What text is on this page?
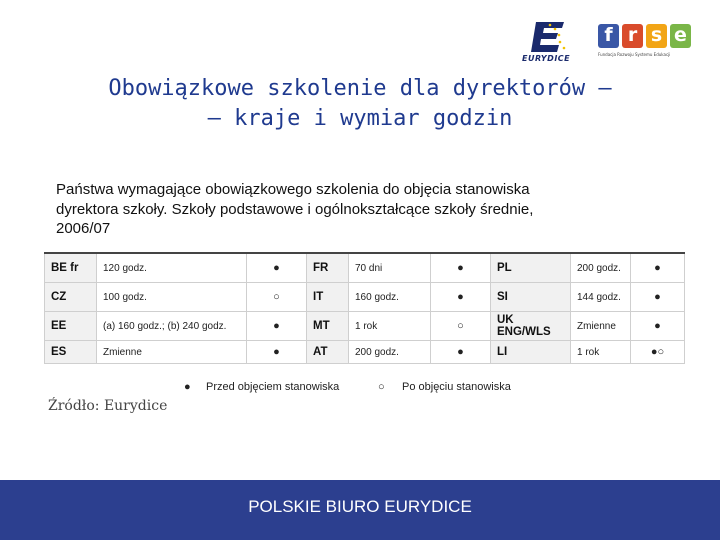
EURYDICE
f r s e
Fundacja Rozwoju Systemu Edukacji
Obowiązkowe szkolenie dla dyrektorów –
– kraje i wymiar godzin
Państwa wymagające obowiązkowego szkolenia do objęcia stanowiska
dyrektora szkoły. Szkoły podstawowe i ogólnokształcące szkoły średnie,
2006/07
BE fr	120 godz.	●	FR	70 dni	●	PL	200 godz.	●
CZ	100 godz.	○	IT	160 godz.	●	SI	144 godz.	●
EE	(a) 160 godz.; (b) 240 godz.	●	MT	1 rok	○	UK ENG/WLS	Zmienne	●
ES	Zmienne	●	AT	200 godz.	●	LI	1 rok	●○
● Przed objęciem stanowiska	○ Po objęciu stanowiska
Źródło: Eurydice
POLSKIE BIURO EURYDICE
